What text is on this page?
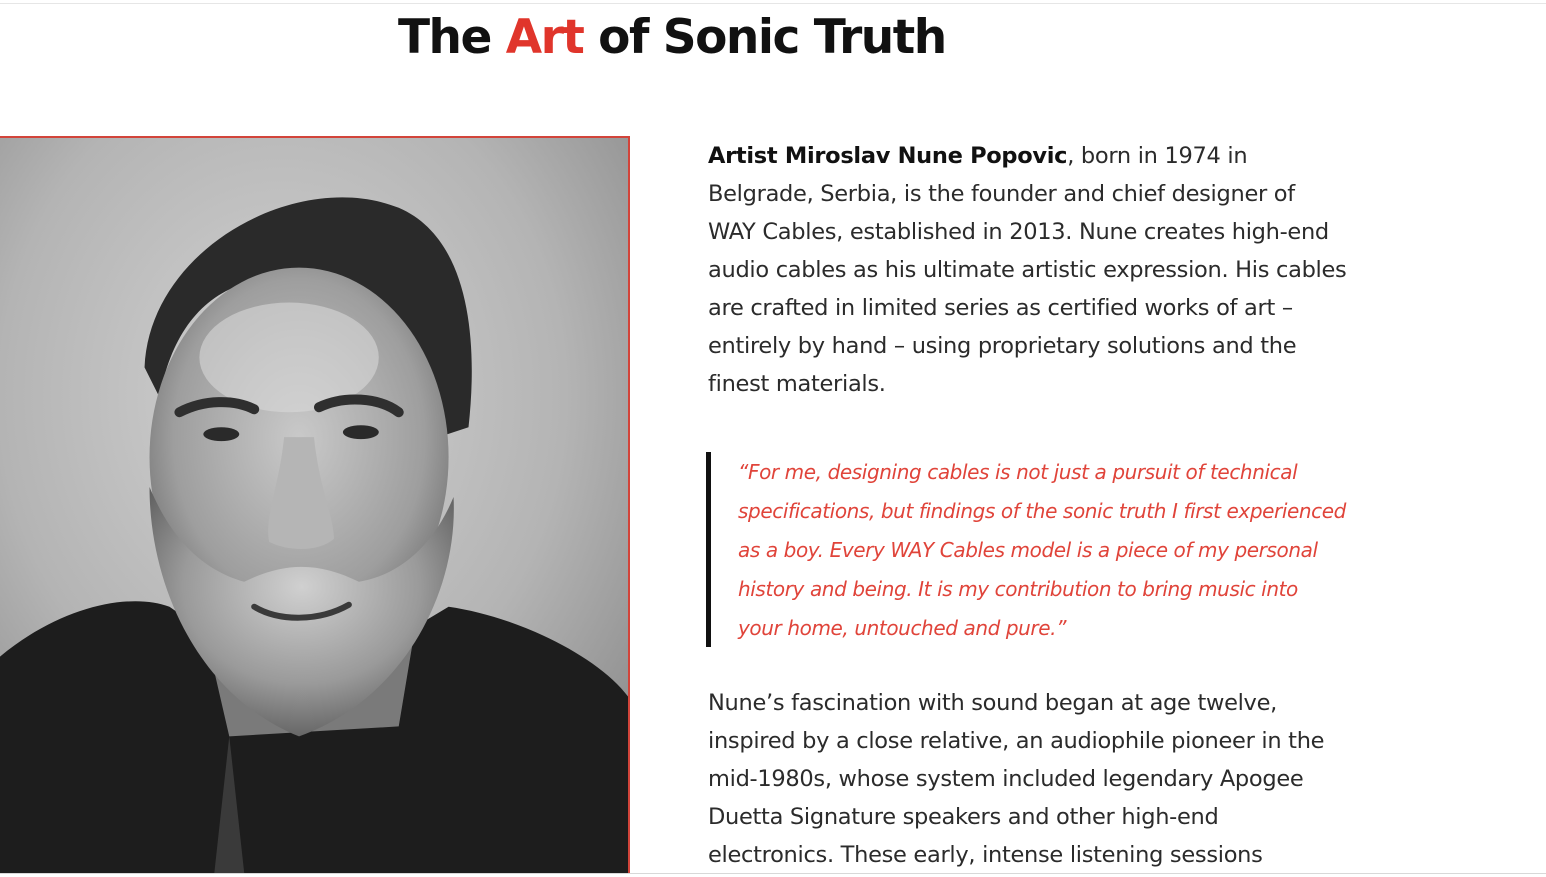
The Art of Sonic Truth

Artist Miroslav Nune Popovic, born in 1974 in Belgrade, Serbia, is the founder and chief designer of WAY Cables, established in 2013. Nune creates high-end audio cables as his ultimate artistic expression. His cables are crafted in limited series as certified works of art – entirely by hand – using proprietary solutions and the finest materials.

“For me, designing cables is not just a pursuit of technical specifications, but findings of the sonic truth I first experienced as a boy. Every WAY Cables model is a piece of my personal history and being. It is my contribution to bring music into your home, untouched and pure.”

Nune’s fascination with sound began at age twelve, inspired by a close relative, an audiophile pioneer in the mid-1980s, whose system included legendary Apogee Duetta Signature speakers and other high-end electronics. These early, intense listening sessions
